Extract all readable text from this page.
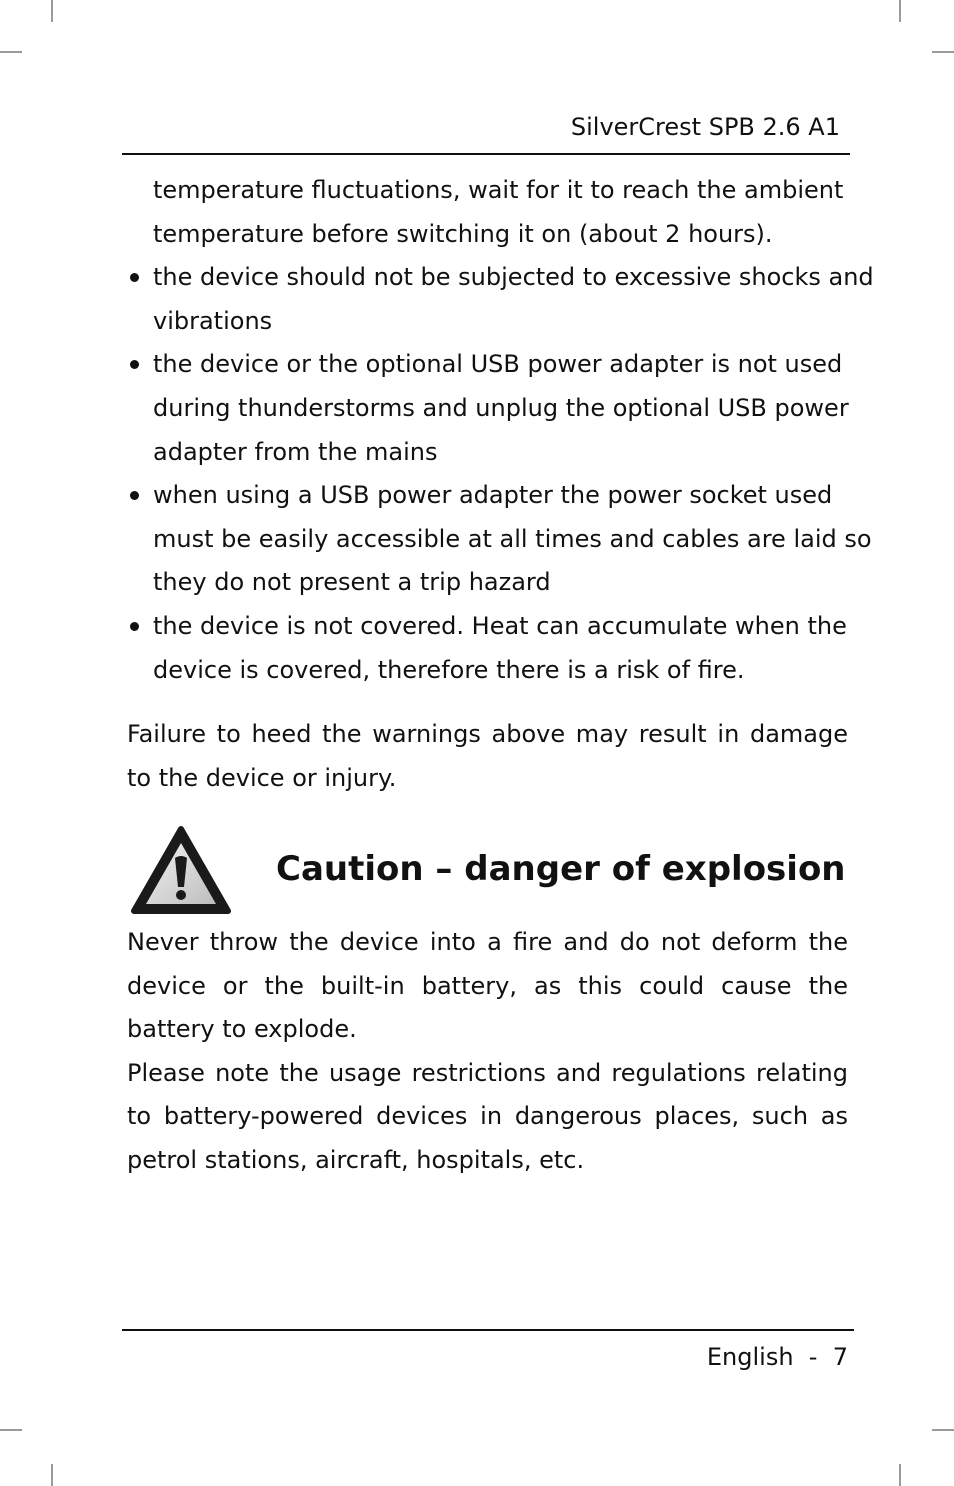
SilverCrest SPB 2.6 A1

temperature fluctuations, wait for it to reach the ambient
temperature before switching it on (about 2 hours).

the device should not be subjected to excessive shocks and
vibrations
the device or the optional USB power adapter is not used
during thunderstorms and unplug the optional USB power
adapter from the mains
when using a USB power adapter the power socket used
must be easily accessible at all times and cables are laid so
they do not present a trip hazard
the device is not covered. Heat can accumulate when the
device is covered, therefore there is a risk of fire.

Failure to heed the warnings above may result in damage to the device or injury.

Caution – danger of explosion

Never throw the device into a fire and do not deform the device or the built-in battery, as this could cause the battery to explode.

Please note the usage restrictions and regulations relating to battery-powered devices in dangerous places, such as petrol stations, aircraft, hospitals, etc.

English  -  7
